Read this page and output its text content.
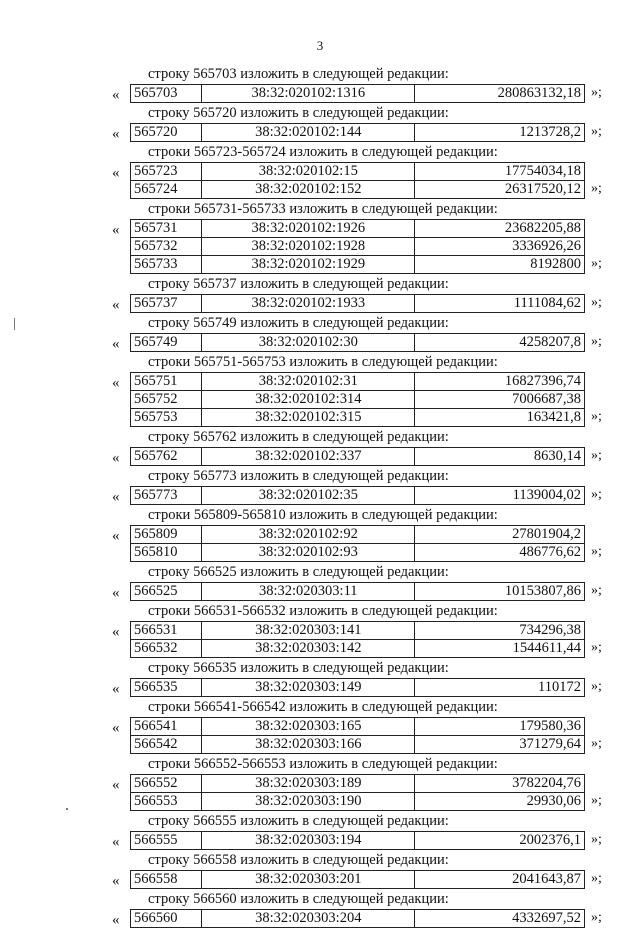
3
строку 565703 изложить в следующей редакции:
« 565703	38:32:020102:1316	280863132,18 »;
строку 565720 изложить в следующей редакции:
« 565720	38:32:020102:144	1213728,2 »;
строки 565723-565724 изложить в следующей редакции:
« 565723	38:32:020102:15	17754034,18
565724	38:32:020102:152	26317520,12 »;
строки 565731-565733 изложить в следующей редакции:
« 565731	38:32:020102:1926	23682205,88
565732	38:32:020102:1928	3336926,26
565733	38:32:020102:1929	8192800 »;
строку 565737 изложить в следующей редакции:
« 565737	38:32:020102:1933	1111084,62 »;
строку 565749 изложить в следующей редакции:
« 565749	38:32:020102:30	4258207,8 »;
строки 565751-565753 изложить в следующей редакции:
« 565751	38:32:020102:31	16827396,74
565752	38:32:020102:314	7006687,38
565753	38:32:020102:315	163421,8 »;
строку 565762 изложить в следующей редакции:
« 565762	38:32:020102:337	8630,14 »;
строку 565773 изложить в следующей редакции:
« 565773	38:32:020102:35	1139004,02 »;
строки 565809-565810 изложить в следующей редакции:
« 565809	38:32:020102:92	27801904,2
565810	38:32:020102:93	486776,62 »;
строку 566525 изложить в следующей редакции:
« 566525	38:32:020303:11	10153807,86 »;
строки 566531-566532 изложить в следующей редакции:
« 566531	38:32:020303:141	734296,38
566532	38:32:020303:142	1544611,44 »;
строку 566535 изложить в следующей редакции:
« 566535	38:32:020303:149	110172 »;
строки 566541-566542 изложить в следующей редакции:
« 566541	38:32:020303:165	179580,36
566542	38:32:020303:166	371279,64 »;
строки 566552-566553 изложить в следующей редакции:
« 566552	38:32:020303:189	3782204,76
566553	38:32:020303:190	29930,06 »;
строку 566555 изложить в следующей редакции:
« 566555	38:32:020303:194	2002376,1 »;
строку 566558 изложить в следующей редакции:
« 566558	38:32:020303:201	2041643,87 »;
строку 566560 изложить в следующей редакции:
« 566560	38:32:020303:204	4332697,52 »;
